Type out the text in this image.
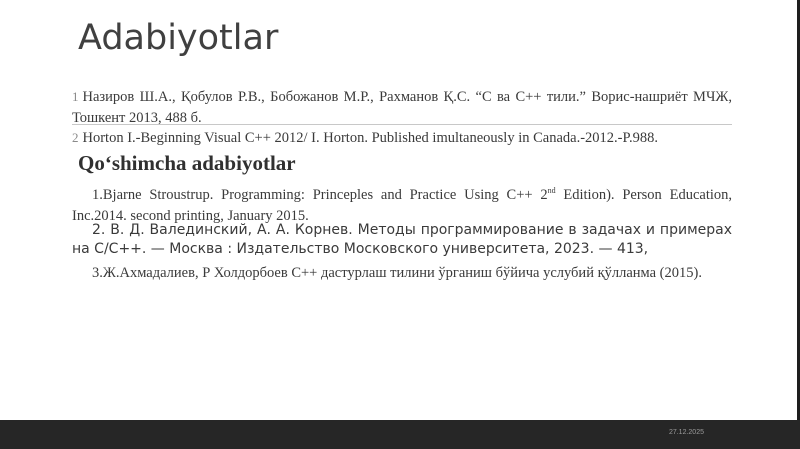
Adabiyotlar
1 Назиров Ш.А., Қобулов Р.В., Бобожанов М.Р., Рахманов Қ.С. “С ва С++ тили.” Ворис-нашриёт МЧЖ, Тошкент 2013, 488 б.
2 Horton I.-Beginning Visual C++ 2012/ I. Horton. Published imultaneously in Canada.-2012.-P.988.
Qo‘shimcha adabiyotlar
1.Bjarne Stroustrup. Programming: Princeples and Practice Using C++ 2nd Edition). Person Education, Inc.2014. second printing, January 2015.
2. В. Д. Валединский, А. А. Корнев. Методы программирование в задачах и примерах на С/С++. — Москва : Издательство Московского университета, 2023. — 413,
3.Ж.Ахмадалиев, Р Холдорбоев С++ дастурлаш тилини ўрганиш бўйича услубий қўлланма (2015).
27.12.2025
